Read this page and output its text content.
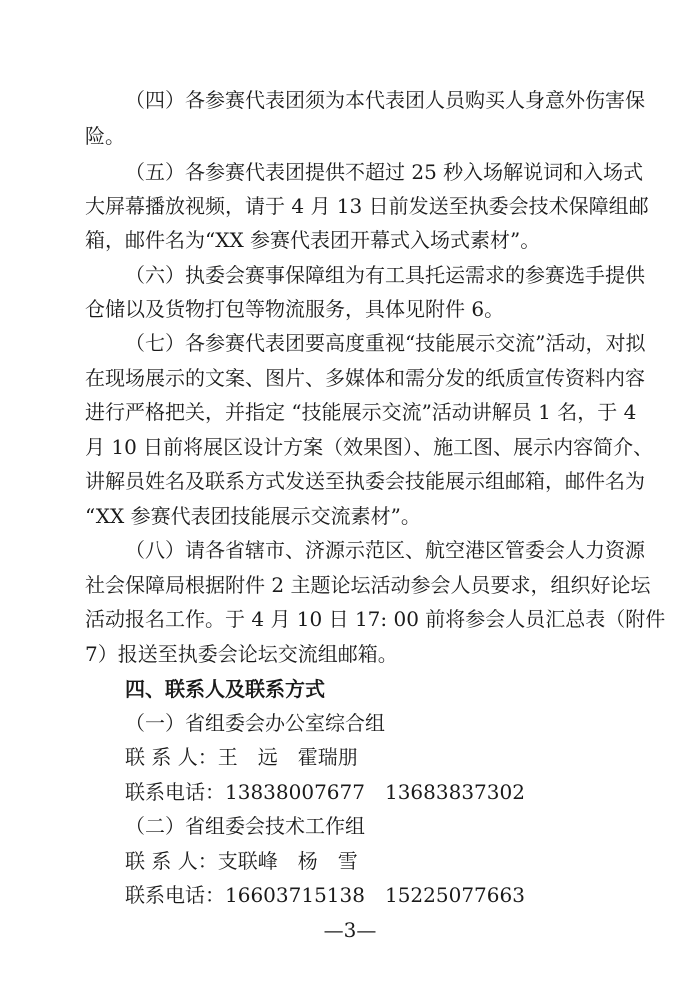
（四）各参赛代表团须为本代表团人员购买人身意外伤害保
险。
（五）各参赛代表团提供不超过 25 秒入场解说词和入场式
大屏幕播放视频，请于 4 月 13 日前发送至执委会技术保障组邮
箱，邮件名为“XX 参赛代表团开幕式入场式素材”。
（六）执委会赛事保障组为有工具托运需求的参赛选手提供
仓储以及货物打包等物流服务，具体见附件 6。
（七）各参赛代表团要高度重视“技能展示交流”活动，对拟
在现场展示的文案、图片、多媒体和需分发的纸质宣传资料内容
进行严格把关，并指定 “技能展示交流”活动讲解员 1 名，于 4
月 10 日前将展区设计方案（效果图）、施工图、展示内容简介、
讲解员姓名及联系方式发送至执委会技能展示组邮箱，邮件名为
“XX 参赛代表团技能展示交流素材”。
（八）请各省辖市、济源示范区、航空港区管委会人力资源
社会保障局根据附件 2 主题论坛活动参会人员要求，组织好论坛
活动报名工作。于 4 月 10 日 17: 00 前将参会人员汇总表（附件
7）报送至执委会论坛交流组邮箱。
四、联系人及联系方式
（一）省组委会办公室综合组
联 系 人：王　远　霍瑞朋
联系电话：13838007677　13683837302
（二）省组委会技术工作组
联 系 人：支联峰　杨　雪
联系电话：16603715138　15225077663
—3—
